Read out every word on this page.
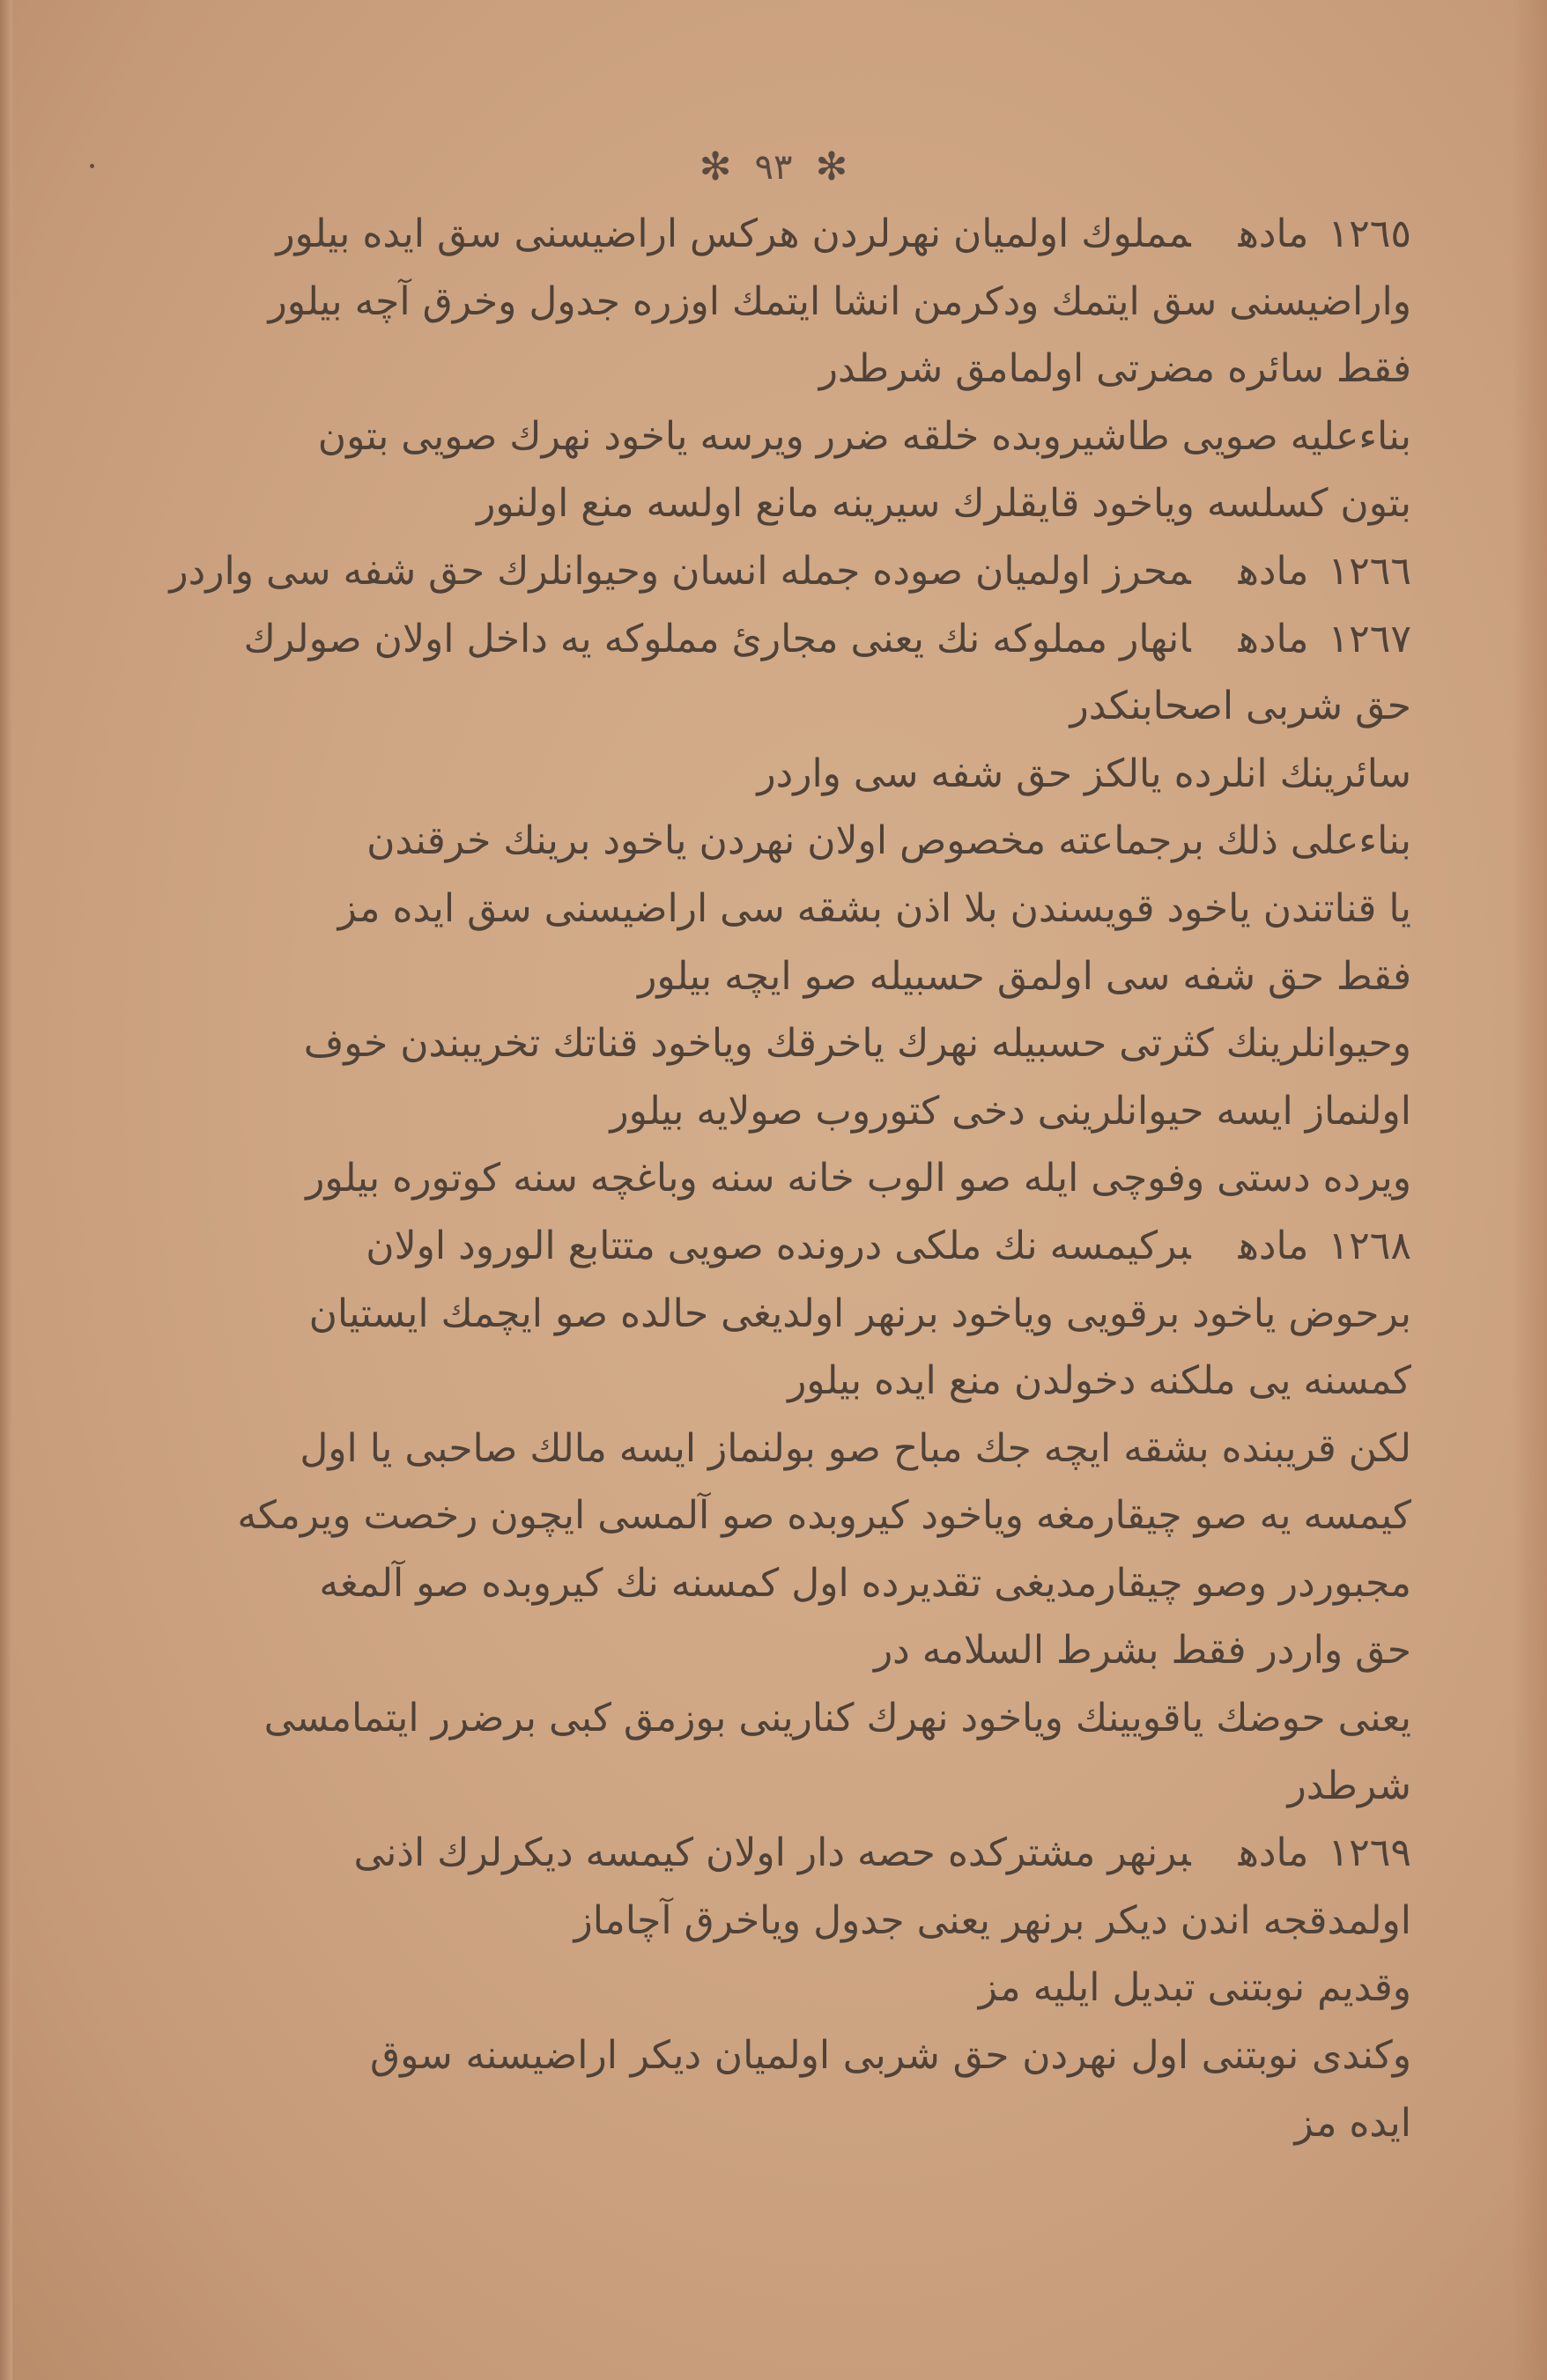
✻ ٩٣ ✻
١٢٦٥مادهمملوك اولميان نهرلردن هركس اراضيسنى سق ايده بيلور
واراضيسنى سق ايتمك ودكرمن انشا ايتمك اوزره جدول وخرق آچه بيلور
فقط سائره مضرتى اولمامق شرطدر
بناءعليه صويى طاشيروبده خلقه ضرر ويرسه ياخود نهرك صويى بتون
بتون كسلسه وياخود قايقلرك سيرينه مانع اولسه منع اولنور
١٢٦٦مادهمحرز اولميان صوده جمله انسان وحيوانلرك حق شفه سى واردر
١٢٦٧مادهانهار مملوكه نك يعنى مجارئ مملوكه يه داخل اولان صولرك
حق شربى اصحابنكدر
سائرينك انلرده يالكز حق شفه سى واردر
بناءعلى ذلك برجماعته مخصوص اولان نهردن ياخود برينك خرقندن
يا قناتندن ياخود قويسندن بلا اذن بشقه سى اراضيسنى سق ايده مز
فقط حق شفه سى اولمق حسبيله صو ايچه بيلور
وحيوانلرينك كثرتى حسبيله نهرك ياخرقك وياخود قناتك تخريبندن خوف
اولنماز ايسه حيوانلرينى دخى كتوروب صولايه بيلور
ويرده دستى وفوچى ايله صو الوب خانه سنه وباغچه سنه كوتوره بيلور
١٢٦٨مادهبركيمسه نك ملكى درونده صويى متتابع الورود اولان
برحوض ياخود برقويى وياخود برنهر اولديغى حالده صو ايچمك ايستيان
كمسنه يى ملكنه دخولدن منع ايده بيلور
لكن قريبنده بشقه ايچه جك مباح صو بولنماز ايسه مالك صاحبى يا اول
كيمسه يه صو چيقارمغه وياخود كيروبده صو آلمسى ايچون رخصت ويرمكه
مجبوردر وصو چيقارمديغى تقديرده اول كمسنه نك كيروبده صو آلمغه
حق واردر فقط بشرط السلامه در
يعنى حوضك ياقويينك وياخود نهرك كنارينى بوزمق كبى برضرر ايتمامسى
شرطدر
١٢٦٩مادهبرنهر مشتركده حصه دار اولان كيمسه ديكرلرك اذنى
اولمدقجه اندن ديكر برنهر يعنى جدول وياخرق آچاماز
وقديم نوبتنى تبديل ايليه مز
وكندى نوبتنى اول نهردن حق شربى اولميان ديكر اراضيسنه سوق
ايده مز
